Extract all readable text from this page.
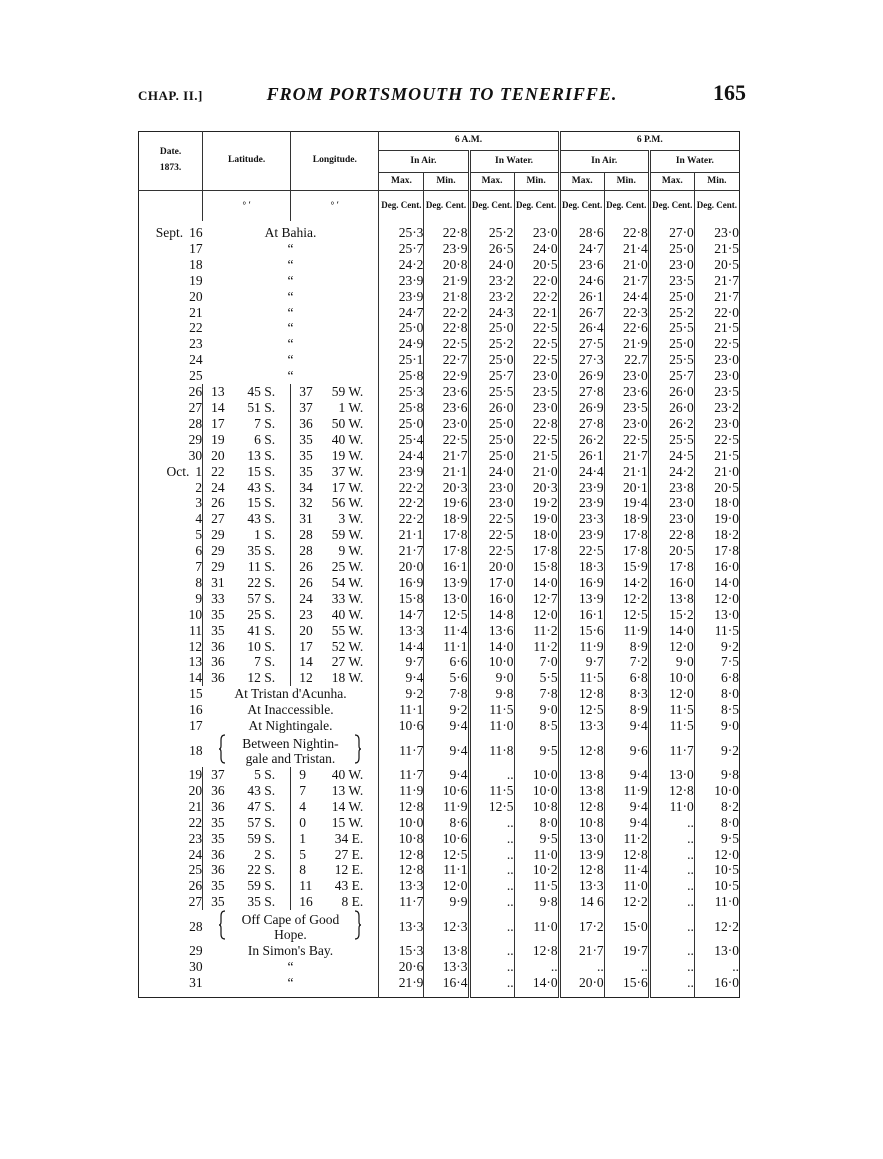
CHAP. II.]	FROM PORTSMOUTH TO TENERIFFE.	165
Date.
1873.	Latitude.	Longitude.	6 A.M.				6 P.M.			
			In Air.		In Water.		In Air.		In Water.	
			Max.	Min.	Max.	Min.	Max.	Min.	Max.	Min.
	° ′	° ′	Deg. Cent.	Deg. Cent.	Deg. Cent.	Deg. Cent.	Deg. Cent.	Deg. Cent.	Deg. Cent.	Deg. Cent.
Sept. 16	At Bahia.		25·3	22·8	25·2	23·0	28·6	22·8	27·0	23·0
17	“		25·7	23·9	26·5	24·0	24·7	21·4	25·0	21·5
18	“		24·2	20·8	24·0	20·5	23·6	21·0	23·0	20·5
19	“		23·9	21·9	23·2	22·0	24·6	21·7	23·5	21·7
20	“		23·9	21·8	23·2	22·2	26·1	24·4	25·0	21·7
21	“		24·7	22·2	24·3	22·1	26·7	22·3	25·2	22·0
22	“		25·0	22·8	25·0	22·5	26·4	22·6	25·5	21·5
23	“		24·9	22·5	25·2	22·5	27·5	21·9	25·0	22·5
24	“		25·1	22·7	25·0	22·5	27·3	22.7	25·5	23·0
25	“		25·8	22·9	25·7	23·0	26·9	23·0	25·7	23·0
26	13 45 S.	37 59 W.	25·3	23·6	25·5	23·5	27·8	23·6	26·0	23·5
27	14 51 S.	37 1 W.	25·8	23·6	26·0	23·0	26·9	23·5	26·0	23·2
28	17 7 S.	36 50 W.	25·0	23·0	25·0	22·8	27·8	23·0	26·2	23·0
29	19 6 S.	35 40 W.	25·4	22·5	25·0	22·5	26·2	22·5	25·5	22·5
30	20 13 S.	35 19 W.	24·4	21·7	25·0	21·5	26·1	21·7	24·5	21·5
Oct. 1	22 15 S.	35 37 W.	23·9	21·1	24·0	21·0	24·4	21·1	24·2	21·0
2	24 43 S.	34 17 W.	22·2	20·3	23·0	20·3	23·9	20·1	23·8	20·5
3	26 15 S.	32 56 W.	22·2	19·6	23·0	19·2	23·9	19·4	23·0	18·0
4	27 43 S.	31 3 W.	22·2	18·9	22·5	19·0	23·3	18·9	23·0	19·0
5	29 1 S.	28 59 W.	21·1	17·8	22·5	18·0	23·9	17·8	22·8	18·2
6	29 35 S.	28 9 W.	21·7	17·8	22·5	17·8	22·5	17·8	20·5	17·8
7	29 11 S.	26 25 W.	20·0	16·1	20·0	15·8	18·3	15·9	17·8	16·0
8	31 22 S.	26 54 W.	16·9	13·9	17·0	14·0	16·9	14·2	16·0	14·0
9	33 57 S.	24 33 W.	15·8	13·0	16·0	12·7	13·9	12·2	13·8	12·0
10	35 25 S.	23 40 W.	14·7	12·5	14·8	12·0	16·1	12·5	15·2	13·0
11	35 41 S.	20 55 W.	13·3	11·4	13·6	11·2	15·6	11·9	14·0	11·5
12	36 10 S.	17 52 W.	14·4	11·1	14·0	11·2	11·9	8·9	12·0	9·2
13	36 7 S.	14 27 W.	9·7	6·6	10·0	7·0	9·7	7·2	9·0	7·5
14	36 12 S.	12 18 W.	9·4	5·6	9·0	5·5	11·5	6·8	10·0	6·8
15	At Tristan d'Acunha.		9·2	7·8	9·8	7·8	12·8	8·3	12·0	8·0
16	At Inaccessible.		11·1	9·2	11·5	9·0	12·5	8·9	11·5	8·5
17	At Nightingale.		10·6	9·4	11·0	8·5	13·3	9·4	11·5	9·0
18	Between Nightin-
gale and Tristan.		11·7	9·4	11·8	9·5	12·8	9·6	11·7	9·2
19	37 5 S.	9 40 W.	11·7	9·4	..	10·0	13·8	9·4	13·0	9·8
20	36 43 S.	7 13 W.	11·9	10·6	11·5	10·0	13·8	11·9	12·8	10·0
21	36 47 S.	4 14 W.	12·8	11·9	12·5	10·8	12·8	9·4	11·0	8·2
22	35 57 S.	0 15 W.	10·0	8·6	..	8·0	10·8	9·4	..	8·0
23	35 59 S.	1 34 E.	10·8	10·6	..	9·5	13·0	11·2	..	9·5
24	36 2 S.	5 27 E.	12·8	12·5	..	11·0	13·9	12·8	..	12·0
25	36 22 S.	8 12 E.	12·8	11·1	..	10·2	12·8	11·4	..	10·5
26	35 59 S.	11 43 E.	13·3	12·0	..	11·5	13·3	11·0	..	10·5
27	35 35 S.	16 8 E.	11·7	9·9	..	9·8	14 6	12·2	..	11·0
28	Off Cape of Good
Hope.		13·3	12·3	..	11·0	17·2	15·0	..	12·2
29	In Simon's Bay.		15·3	13·8	..	12·8	21·7	19·7	..	13·0
30	“		20·6	13·3	..	..	..	..	..	..
31	“		21·9	16·4	..	14·0	20·0	15·6	..	16·0
